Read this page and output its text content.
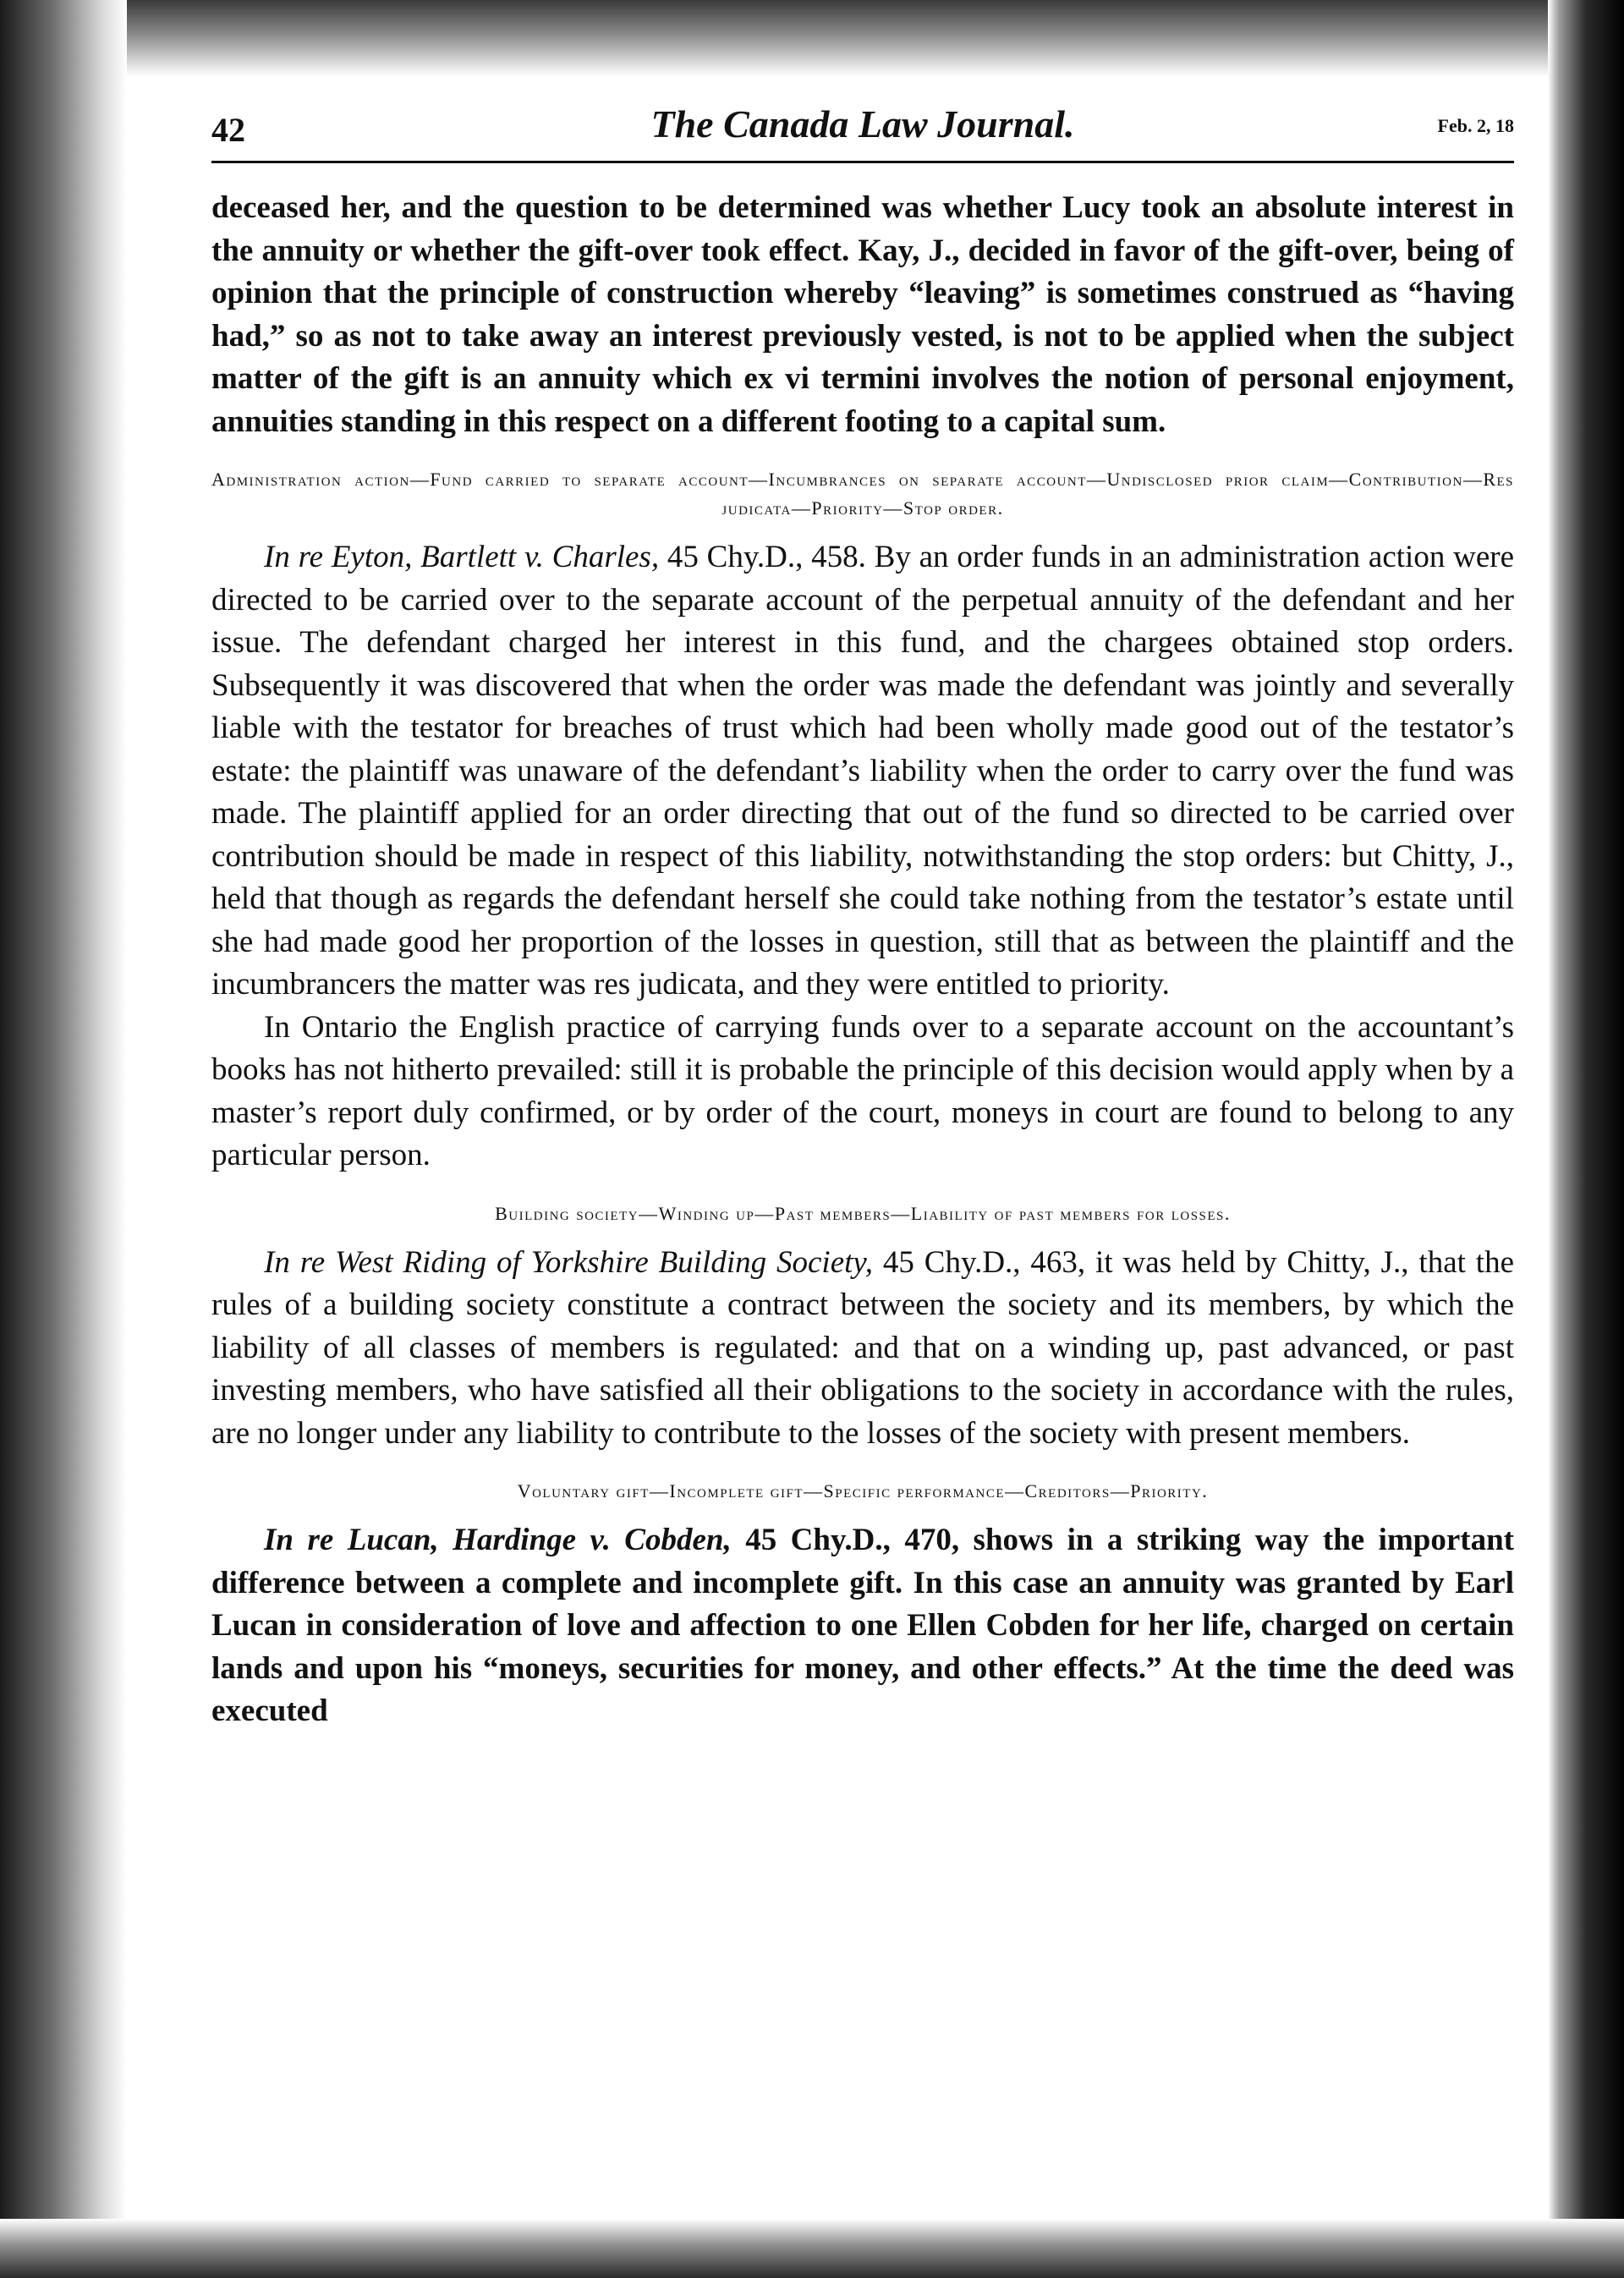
42	The Canada Law Journal.	Feb. 2, 18

deceased her, and the question to be determined was whether Lucy took an absolute interest in the annuity or whether the gift-over took effect. Kay, J., decided in favor of the gift-over, being of opinion that the principle of construction whereby “leaving” is sometimes construed as “having had,” so as not to take away an interest previously vested, is not to be applied when the subject matter of the gift is an annuity which ex vi termini involves the notion of personal enjoyment, annuities standing in this respect on a different footing to a capital sum.

Administration action—Fund carried to separate account—Incumbrances on separate account—Undisclosed prior claim—Contribution—Res judicata—Priority—Stop order.

In re Eyton, Bartlett v. Charles, 45 Chy.D., 458. By an order funds in an administration action were directed to be carried over to the separate account of the perpetual annuity of the defendant and her issue. The defendant charged her interest in this fund, and the chargees obtained stop orders. Subsequently it was discovered that when the order was made the defendant was jointly and severally liable with the testator for breaches of trust which had been wholly made good out of the testator’s estate: the plaintiff was unaware of the defendant’s liability when the order to carry over the fund was made. The plaintiff applied for an order directing that out of the fund so directed to be carried over contribution should be made in respect of this liability, notwithstanding the stop orders: but Chitty, J., held that though as regards the defendant herself she could take nothing from the testator’s estate until she had made good her proportion of the losses in question, still that as between the plaintiff and the incumbrancers the matter was res judicata, and they were entitled to priority.

In Ontario the English practice of carrying funds over to a separate account on the accountant’s books has not hitherto prevailed: still it is probable the principle of this decision would apply when by a master’s report duly confirmed, or by order of the court, moneys in court are found to belong to any particular person.

Building society—Winding up—Past members—Liability of past members for losses.

In re West Riding of Yorkshire Building Society, 45 Chy.D., 463, it was held by Chitty, J., that the rules of a building society constitute a contract between the society and its members, by which the liability of all classes of members is regulated: and that on a winding up, past advanced, or past investing members, who have satisfied all their obligations to the society in accordance with the rules, are no longer under any liability to contribute to the losses of the society with present members.

Voluntary gift—Incomplete gift—Specific performance—Creditors—Priority.

In re Lucan, Hardinge v. Cobden, 45 Chy.D., 470, shows in a striking way the important difference between a complete and incomplete gift. In this case an annuity was granted by Earl Lucan in consideration of love and affection to one Ellen Cobden for her life, charged on certain lands and upon his “moneys, securities for money, and other effects.” At the time the deed was executed
